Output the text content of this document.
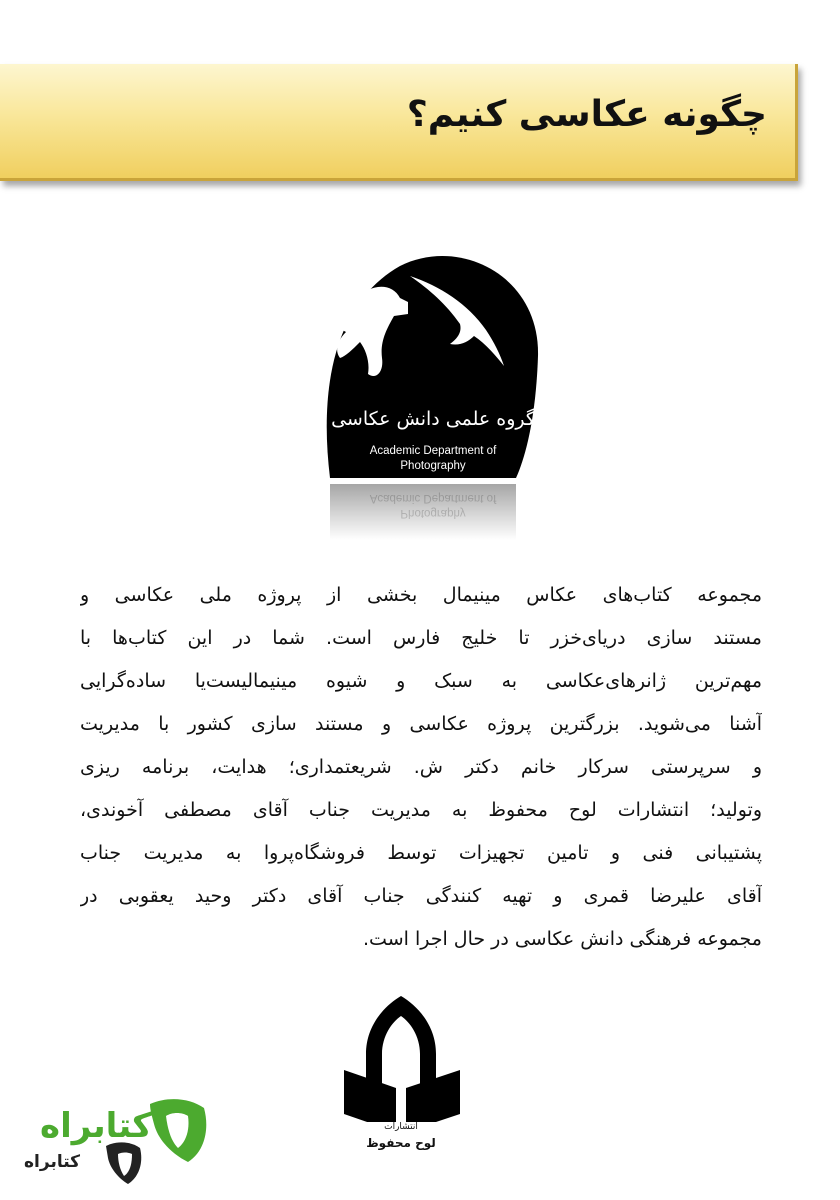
چگونه عکاسی کنیم؟
گروه علمی دانش عکاسی
Academic Department of
Photography
Photography
Academic Department of
مجموعه کتاب‌های عکاس مینیمال بخشی از پروژه ملی عکاسی و
مستند سازی دریای‌خزر تا خلیج فارس است. شما در این کتاب‌ها با
مهم‌ترین ژانرهای‌عکاسی به سبک و شیوه مینیمالیست‌یا ساده‌گرایی
آشنا می‌شوید. بزرگترین پروژه عکاسی و مستند سازی کشور با مدیریت
و سرپرستی سرکار خانم دکتر ش. شریعتمداری؛ هدایت، برنامه ریزی
وتولید؛ انتشارات لوح محفوظ به مدیریت جناب آقای مصطفی آخوندی،
پشتیبانی فنی و تامین تجهیزات توسط فروشگاه‌پروا به مدیریت جناب
آقای علیرضا قمری و تهیه کنندگی جناب آقای دکتر وحید یعقوبی در
مجموعه فرهنگی دانش عکاسی در حال اجرا است.
انتشارات
لوح محفوظ
کتابراه
کتابراه
